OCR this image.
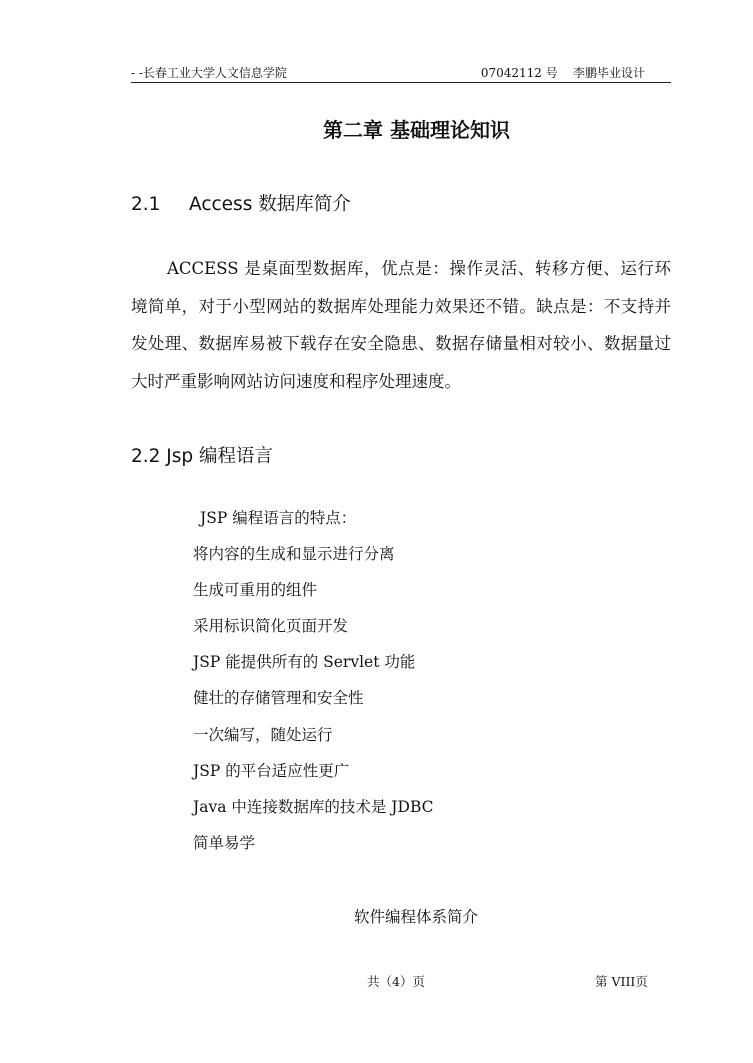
- -长春工业大学人文信息学院	07042112 号    李鹏毕业设计
第二章 基础理论知识
2.1 Access 数据库简介

ACCESS 是桌面型数据库，优点是：操作灵活、转移方便、运行环境简单，对于小型网站的数据库处理能力效果还不错。缺点是：不支持并发处理、数据库易被下载存在安全隐患、数据存储量相对较小、数据量过大时严重影响网站访问速度和程序处理速度。

2.2 Jsp 编程语言
JSP 编程语言的特点：
将内容的生成和显示进行分离
生成可重用的组件
采用标识简化页面开发
JSP 能提供所有的 Servlet 功能
健壮的存储管理和安全性
一次编写，随处运行
JSP 的平台适应性更广
Java 中连接数据库的技术是 JDBC
简单易学
软件编程体系简介
共（4）页	第 VIII页
